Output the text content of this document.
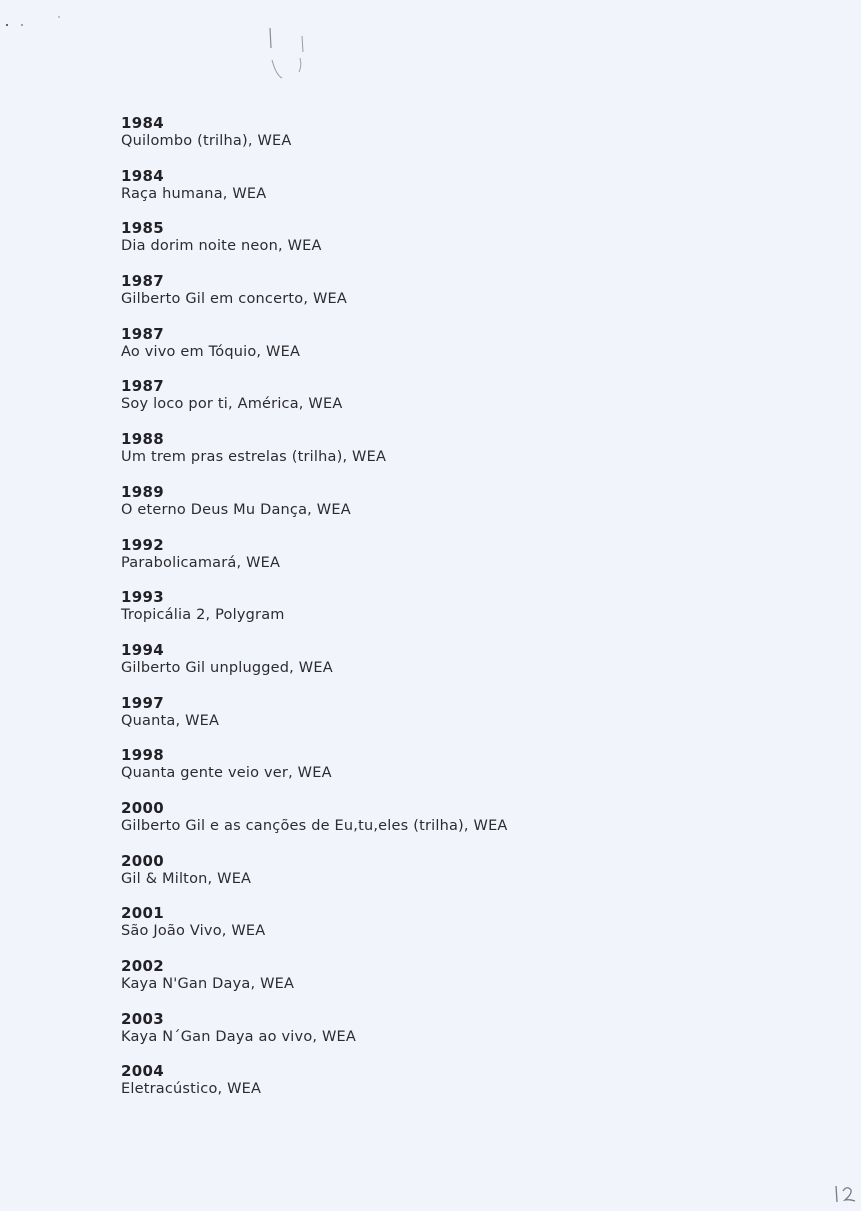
1984
Quilombo (trilha), WEA
1984
Raça humana, WEA
1985
Dia dorim noite neon, WEA
1987
Gilberto Gil em concerto, WEA
1987
Ao vivo em Tóquio, WEA
1987
Soy loco por ti, América, WEA
1988
Um trem pras estrelas (trilha), WEA
1989
O eterno Deus Mu Dança, WEA
1992
Parabolicamará, WEA
1993
Tropicália 2, Polygram
1994
Gilberto Gil unplugged, WEA
1997
Quanta, WEA
1998
Quanta gente veio ver, WEA
2000
Gilberto Gil e as canções de Eu,tu,eles (trilha), WEA
2000
Gil & Milton, WEA
2001
São João Vivo, WEA
2002
Kaya N'Gan Daya, WEA
2003
Kaya N´Gan Daya ao vivo, WEA
2004
Eletracústico, WEA
